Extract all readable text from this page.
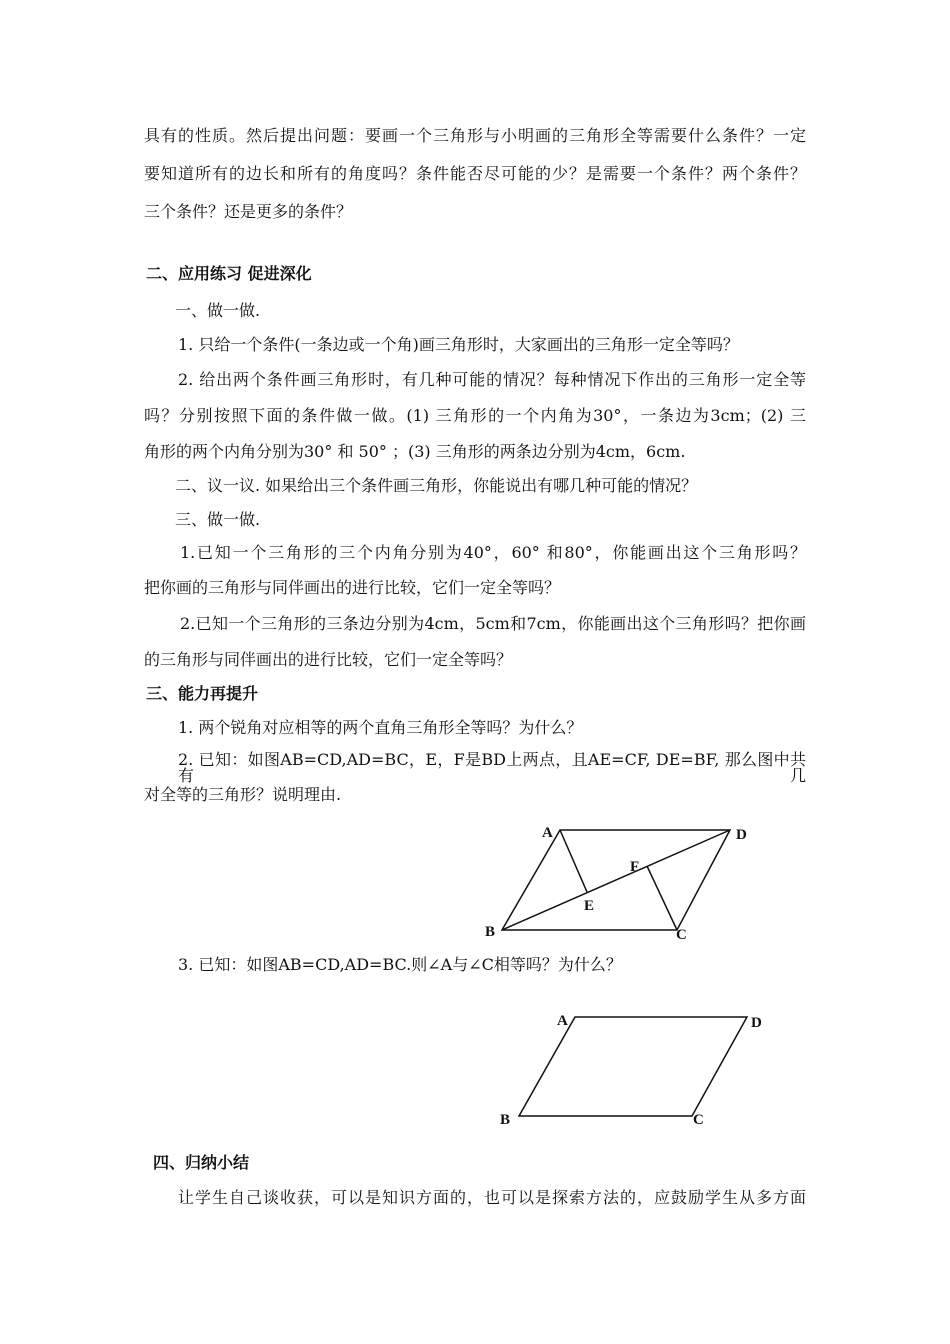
具有的性质。然后提出问题：要画一个三角形与小明画的三角形全等需要什么条件？一定
要知道所有的边长和所有的角度吗？条件能否尽可能的少？是需要一个条件？两个条件？
三个条件？还是更多的条件？
二、应用练习 促进深化
一、做一做.
1. 只给一个条件(一条边或一个角)画三角形时，大家画出的三角形一定全等吗？
2. 给出两个条件画三角形时，有几种可能的情况？每种情况下作出的三角形一定全等
吗？分别按照下面的条件做一做。(1) 三角形的一个内角为30°，一条边为3cm；(2) 三
角形的两个内角分别为30° 和 50° ；(3) 三角形的两条边分别为4cm，6cm.
二、议一议. 如果给出三个条件画三角形，你能说出有哪几种可能的情况？
三、做一做.
1.已知一个三角形的三个内角分别为40°，60° 和80°，你能画出这个三角形吗？
把你画的三角形与同伴画出的进行比较，它们一定全等吗？
2.已知一个三角形的三条边分别为4cm，5cm和7cm，你能画出这个三角形吗？把你画
的三角形与同伴画出的进行比较，它们一定全等吗？
三、能力再提升
1. 两个锐角对应相等的两个直角三角形全等吗？为什么？
2. 已知：如图AB=CD,AD=BC，E，F是BD上两点，且AE=CF, DE=BF, 那么图中共有几
对全等的三角形？说明理由.
A	D
F
E
B	C
3. 已知：如图AB=CD,AD=BC.则∠A与∠C相等吗？为什么？
A	D
B	C
四、归纳小结
让学生自己谈收获，可以是知识方面的，也可以是探索方法的，应鼓励学生从多方面
